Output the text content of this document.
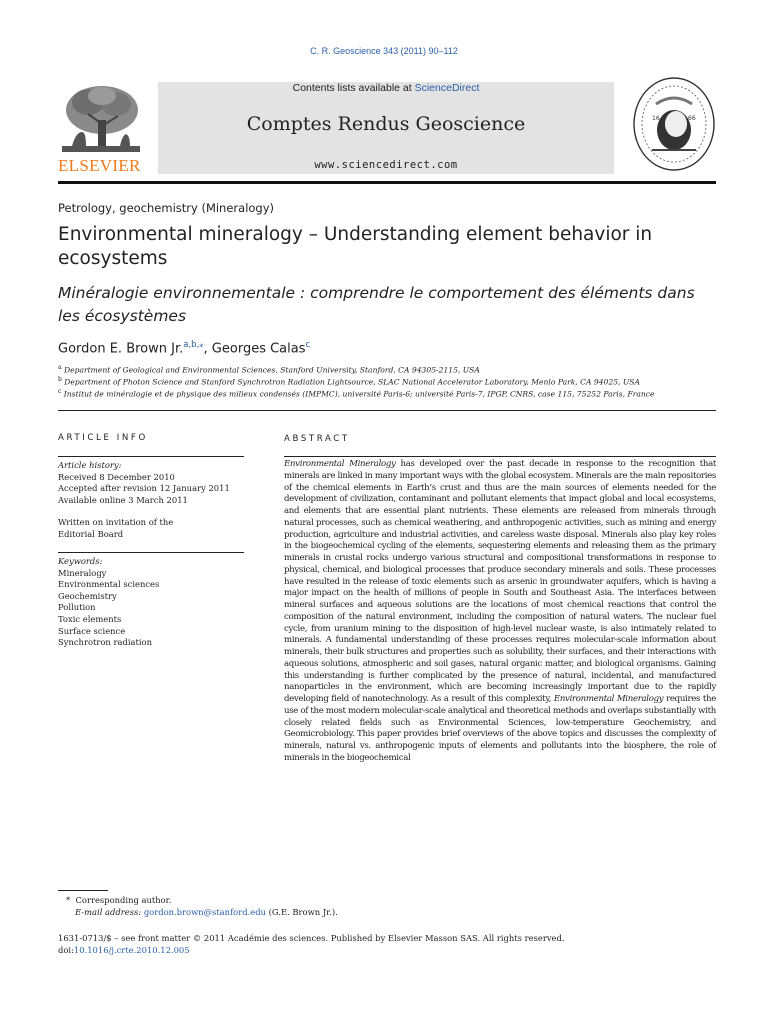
C. R. Geoscience 343 (2011) 90–112
ELSEVIER
Contents lists available at ScienceDirect
Comptes Rendus Geoscience
www.sciencedirect.com
16	66
Petrology, geochemistry (Mineralogy)
Environmental mineralogy – Understanding element behavior in ecosystems
Minéralogie environnementale : comprendre le comportement des éléments dans les écosystèmes
Gordon E. Brown Jr.$^{a,b,⁎}$, Georges Calas$^c$
$^a$ Department of Geological and Environmental Sciences, Stanford University, Stanford, CA 94305-2115, USA
$^b$ Department of Photon Science and Stanford Synchrotron Radiation Lightsource, SLAC National Accelerator Laboratory, Menlo Park, CA 94025, USA
$^c$ Institut de minéralogie et de physique des milieux condensés (IMPMC), université Paris-6; université Paris-7, IPGP, CNRS, case 115, 75252 Paris, France
ARTICLE INFO
Article history:
Received 8 December 2010
Accepted after revision 12 January 2011
Available online 3 March 2011
Written on invitation of the
Editorial Board
Keywords:
Mineralogy
Environmental sciences
Geochemistry
Pollution
Toxic elements
Surface science
Synchrotron radiation
ABSTRACT
Environmental Mineralogy has developed over the past decade in response to the recognition that minerals are linked in many important ways with the global ecosystem. Minerals are the main repositories of the chemical elements in Earth’s crust and thus are the main sources of elements needed for the development of civilization, contaminant and pollutant elements that impact global and local ecosystems, and elements that are essential plant nutrients. These elements are released from minerals through natural processes, such as chemical weathering, and anthropogenic activities, such as mining and energy production, agriculture and industrial activities, and careless waste disposal. Minerals also play key roles in the biogeochemical cycling of the elements, sequestering elements and releasing them as the primary minerals in crustal rocks undergo various structural and compositional transformations in response to physical, chemical, and biological processes that produce secondary minerals and soils. These processes have resulted in the release of toxic elements such as arsenic in groundwater aquifers, which is having a major impact on the health of millions of people in South and Southeast Asia. The interfaces between mineral surfaces and aqueous solutions are the locations of most chemical reactions that control the composition of the natural environment, including the composition of natural waters. The nuclear fuel cycle, from uranium mining to the disposition of high-level nuclear waste, is also intimately related to minerals. A fundamental understanding of these processes requires molecular-scale information about minerals, their bulk structures and properties such as solubility, their surfaces, and their interactions with aqueous solutions, atmospheric and soil gases, natural organic matter, and biological organisms. Gaining this understanding is further complicated by the presence of natural, incidental, and manufactured nanoparticles in the environment, which are becoming increasingly important due to the rapidly developing field of nanotechnology. As a result of this complexity, Environmental Mineralogy requires the use of the most modern molecular-scale analytical and theoretical methods and overlaps substantially with closely related fields such as Environmental Sciences, low-temperature Geochemistry, and Geomicrobiology. This paper provides brief overviews of the above topics and discusses the complexity of minerals, natural vs. anthropogenic inputs of elements and pollutants into the biosphere, the role of minerals in the biogeochemical
* Corresponding author.
E-mail address: gordon.brown@stanford.edu (G.E. Brown Jr.).
1631-0713/$ – see front matter © 2011 Académie des sciences. Published by Elsevier Masson SAS. All rights reserved.
doi:10.1016/j.crte.2010.12.005
